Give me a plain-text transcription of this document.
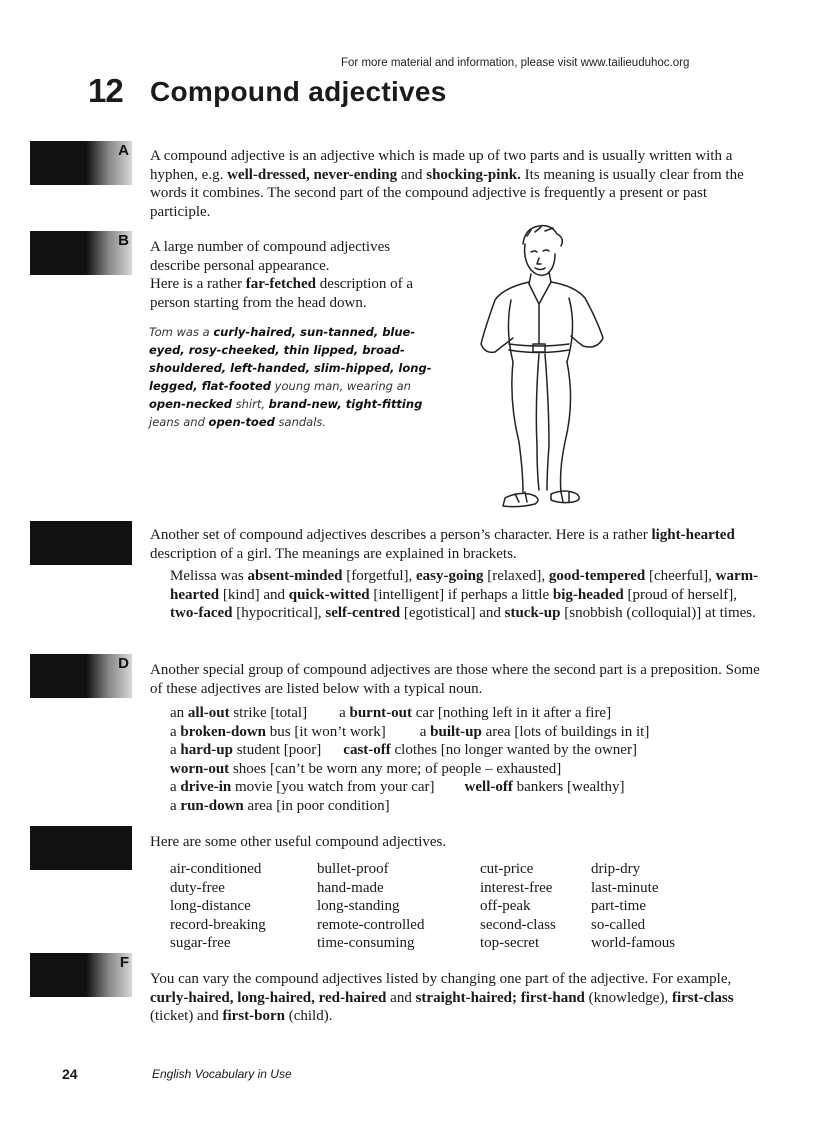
For more material and information, please visit www.tailieuduhoc.org
12 Compound adjectives
A
B
D
F
A compound adjective is an adjective which is made up of two parts and is usually written with a hyphen, e.g. well-dressed, never-ending and shocking-pink. Its meaning is usually clear from the words it combines. The second part of the compound adjective is frequently a present or past participle.
A large number of compound adjectives describe personal appearance.
Here is a rather far-fetched description of a person starting from the head down.
Tom was a curly-haired, sun-tanned, blue-eyed, rosy-cheeked, thin lipped, broad-shouldered, left-handed, slim-hipped, long-legged, flat-footed young man, wearing an open-necked shirt, brand-new, tight-fitting jeans and open-toed sandals.
Another set of compound adjectives describes a person’s character. Here is a rather light-hearted description of a girl. The meanings are explained in brackets.
Melissa was absent-minded [forgetful], easy-going [relaxed], good-tempered [cheerful], warm-hearted [kind] and quick-witted [intelligent] if perhaps a little big-headed [proud of herself], two-faced [hypocritical], self-centred [egotistical] and stuck-up [snobbish (colloquial)] at times.
Another special group of compound adjectives are those where the second part is a preposition. Some of these adjectives are listed below with a typical noun.
an all-out strike [total] a burnt-out car [nothing left in it after a fire]
a broken-down bus [it won’t work] a built-up area [lots of buildings in it]
a hard-up student [poor] cast-off clothes [no longer wanted by the owner]
worn-out shoes [can’t be worn any more; of people – exhausted]
a drive-in movie [you watch from your car] well-off bankers [wealthy]
a run-down area [in poor condition]
Here are some other useful compound adjectives.
air-conditioned	bullet-proof	cut-price	drip-dry
duty-free	hand-made	interest-free	last-minute
long-distance	long-standing	off-peak	part-time
record-breaking	remote-controlled	second-class so-called
sugar-free	time-consuming	top-secret	world-famous
You can vary the compound adjectives listed by changing one part of the adjective. For example, curly-haired, long-haired, red-haired and straight-haired; first-hand (knowledge), first-class (ticket) and first-born (child).
24	English Vocabulary in Use
